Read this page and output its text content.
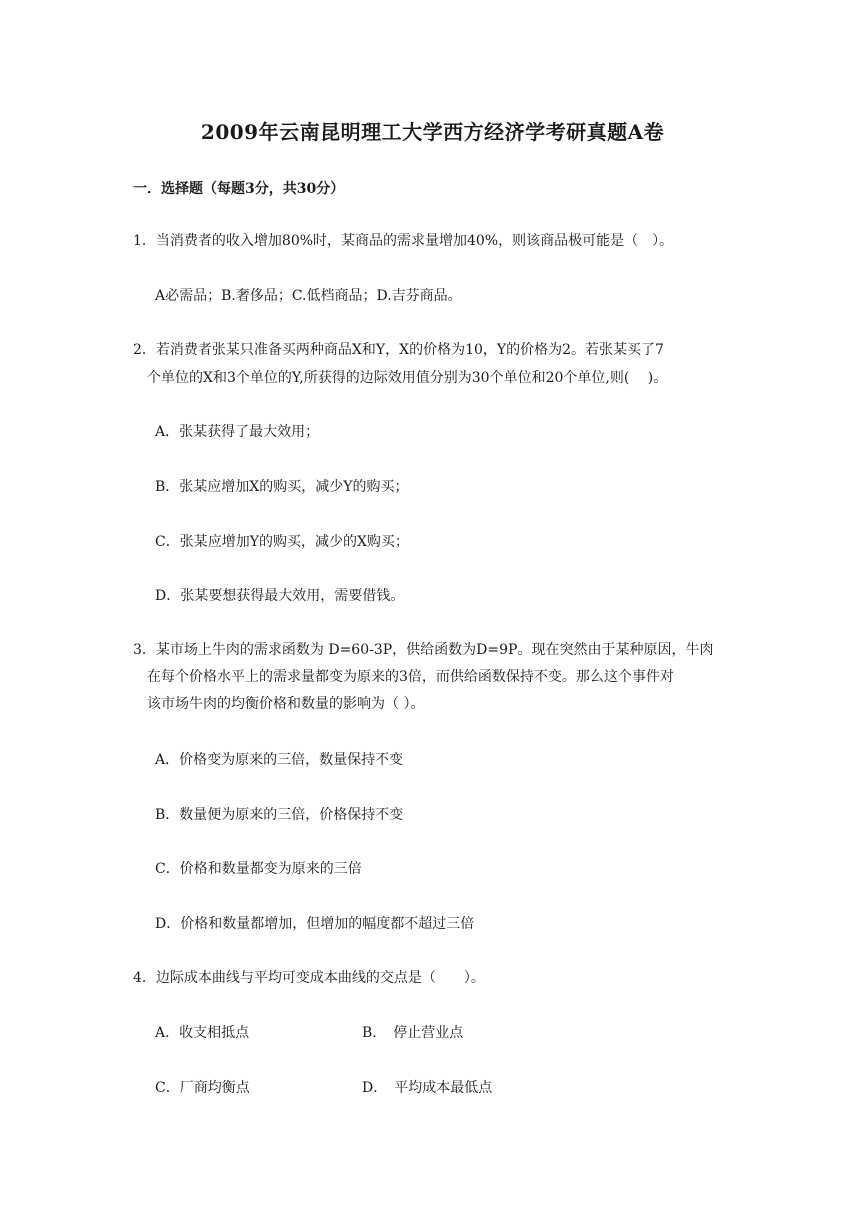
2009年云南昆明理工大学西方经济学考研真题A卷
一．选择题（每题3分，共30分）
1．当消费者的收入增加80%时，某商品的需求量增加40%，则该商品极可能是（　）。
A必需品；B.奢侈品；C.低档商品；D.吉芬商品。
2．若消费者张某只准备买两种商品X和Y，X的价格为10，Y的价格为2。若张某买了7
个单位的X和3个单位的Y,所获得的边际效用值分别为30个单位和20个单位,则(　 )。
A．张某获得了最大效用；
B．张某应增加X的购买，减少Y的购买；
C．张某应增加Y的购买，减少的X购买；
D．张某要想获得最大效用，需要借钱。
3．某市场上牛肉的需求函数为 D=60-3P，供给函数为D=9P。现在突然由于某种原因，牛肉
在每个价格水平上的需求量都变为原来的3倍，而供给函数保持不变。那么这个事件对
该市场牛肉的均衡价格和数量的影响为（ ）。
A．价格变为原来的三倍，数量保持不变
B．数量便为原来的三倍，价格保持不变
C．价格和数量都变为原来的三倍
D．价格和数量都增加，但增加的幅度都不超过三倍
4．边际成本曲线与平均可变成本曲线的交点是（　　）。
A．收支相抵点	B．　停止营业点
C．厂商均衡点	D．　平均成本最低点
